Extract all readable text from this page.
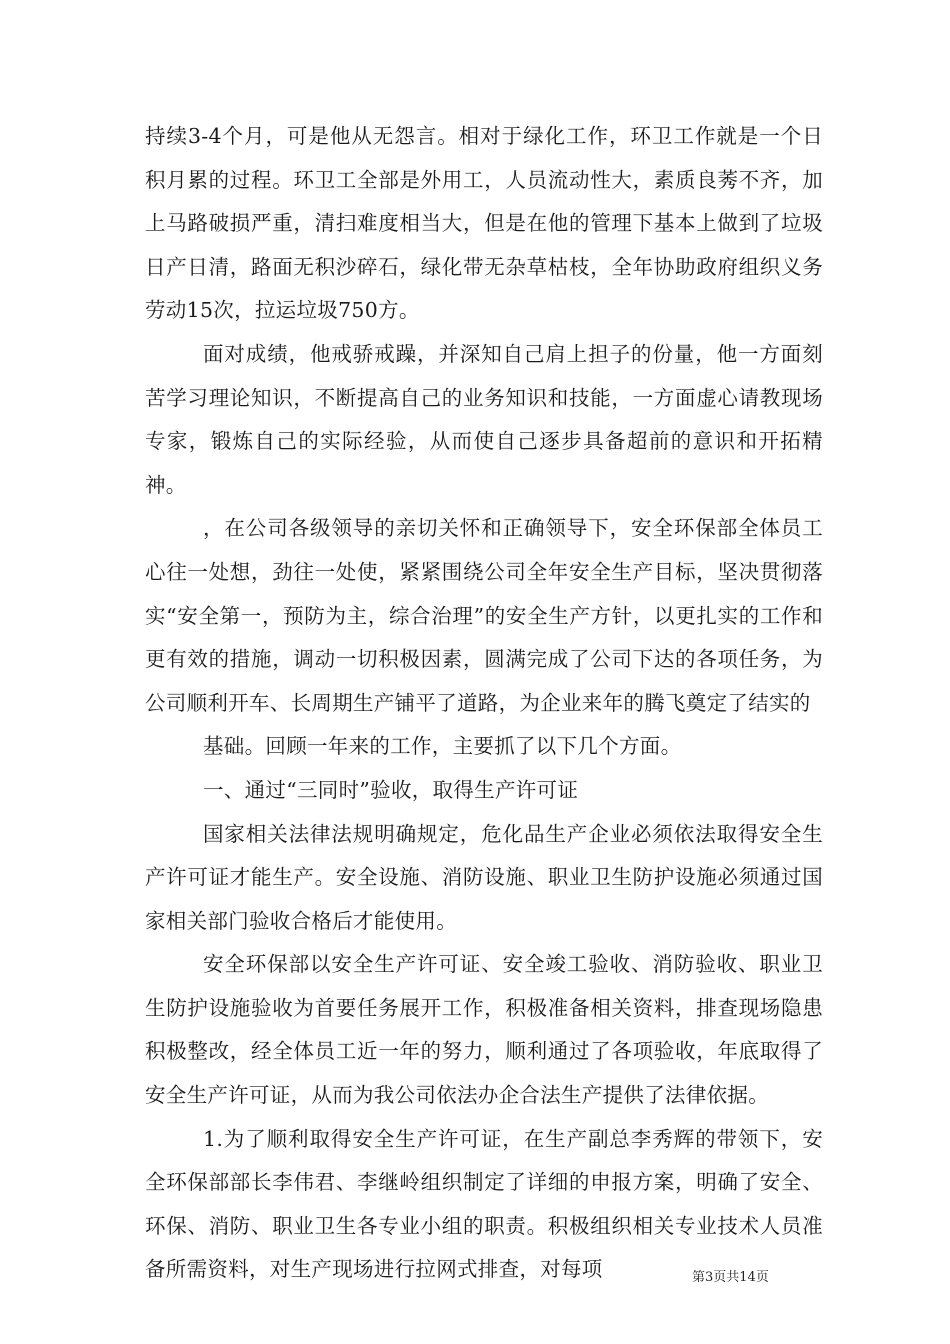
持续3-4个月，可是他从无怨言。相对于绿化工作，环卫工作就是一个日积月累的过程。环卫工全部是外用工，人员流动性大，素质良莠不齐，加上马路破损严重，清扫难度相当大，但是在他的管理下基本上做到了垃圾日产日清，路面无积沙碎石，绿化带无杂草枯枝，全年协助政府组织义务劳动15次，拉运垃圾750方。

面对成绩，他戒骄戒躁，并深知自己肩上担子的份量，他一方面刻苦学习理论知识，不断提高自己的业务知识和技能，一方面虚心请教现场专家，锻炼自己的实际经验，从而使自己逐步具备超前的意识和开拓精神。

，在公司各级领导的亲切关怀和正确领导下，安全环保部全体员工心往一处想，劲往一处使，紧紧围绕公司全年安全生产目标，坚决贯彻落实“安全第一，预防为主，综合治理”的安全生产方针，以更扎实的工作和更有效的措施，调动一切积极因素，圆满完成了公司下达的各项任务，为公司顺利开车、长周期生产铺平了道路，为企业来年的腾飞奠定了结实的

基础。回顾一年来的工作，主要抓了以下几个方面。

一、通过“三同时”验收，取得生产许可证

国家相关法律法规明确规定，危化品生产企业必须依法取得安全生产许可证才能生产。安全设施、消防设施、职业卫生防护设施必须通过国家相关部门验收合格后才能使用。

安全环保部以安全生产许可证、安全竣工验收、消防验收、职业卫生防护设施验收为首要任务展开工作，积极准备相关资料，排查现场隐患积极整改，经全体员工近一年的努力，顺利通过了各项验收，年底取得了安全生产许可证，从而为我公司依法办企合法生产提供了法律依据。

1.为了顺利取得安全生产许可证，在生产副总李秀辉的带领下，安全环保部部长李伟君、李继岭组织制定了详细的申报方案，明确了安全、环保、消防、职业卫生各专业小组的职责。积极组织相关专业技术人员准备所需资料，对生产现场进行拉网式排查，对每项	第3页共14页
